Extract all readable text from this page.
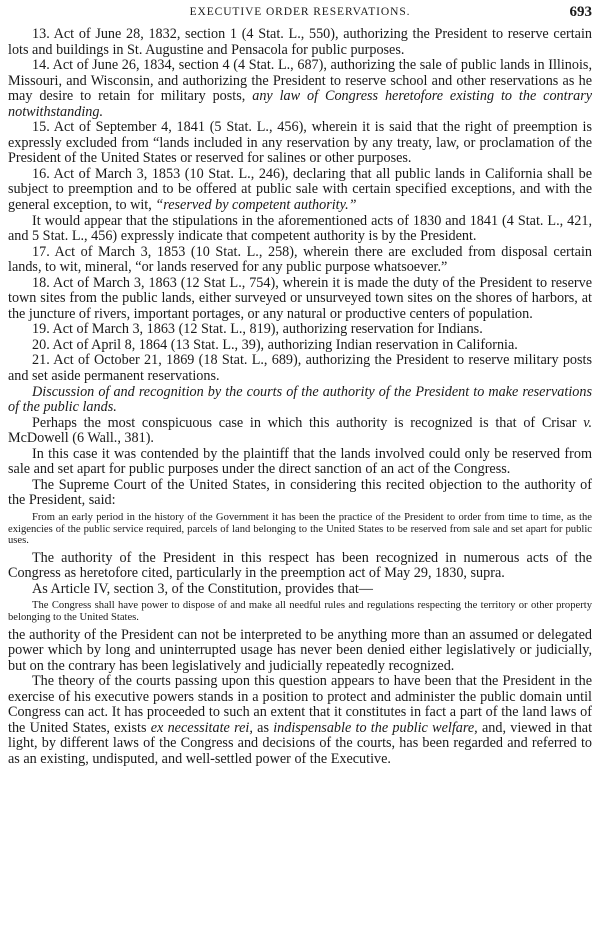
EXECUTIVE ORDER RESERVATIONS.	693

13. Act of June 28, 1832, section 1 (4 Stat. L., 550), authorizing the President to reserve certain lots and buildings in St. Augustine and Pensacola for public purposes.

14. Act of June 26, 1834, section 4 (4 Stat. L., 687), authorizing the sale of public lands in Illinois, Missouri, and Wisconsin, and authorizing the President to reserve school and other reservations as he may desire to retain for military posts, any law of Congress heretofore existing to the contrary notwithstanding.

15. Act of September 4, 1841 (5 Stat. L., 456), wherein it is said that the right of preemption is expressly excluded from “lands included in any reservation by any treaty, law, or proclamation of the President of the United States or reserved for salines or other purposes.

16. Act of March 3, 1853 (10 Stat. L., 246), declaring that all public lands in California shall be subject to preemption and to be offered at public sale with certain specified exceptions, and with the general exception, to wit, “reserved by competent authority.”

It would appear that the stipulations in the aforementioned acts of 1830 and 1841 (4 Stat. L., 421, and 5 Stat. L., 456) expressly indicate that competent authority is by the President.

17. Act of March 3, 1853 (10 Stat. L., 258), wherein there are excluded from disposal certain lands, to wit, mineral, “or lands reserved for any public purpose whatsoever.”

18. Act of March 3, 1863 (12 Stat L., 754), wherein it is made the duty of the President to reserve town sites from the public lands, either surveyed or unsurveyed town sites on the shores of harbors, at the juncture of rivers, important portages, or any natural or productive centers of population.

19. Act of March 3, 1863 (12 Stat. L., 819), authorizing reservation for Indians.

20. Act of April 8, 1864 (13 Stat. L., 39), authorizing Indian reservation in California.

21. Act of October 21, 1869 (18 Stat. L., 689), authorizing the President to reserve military posts and set aside permanent reservations.

Discussion of and recognition by the courts of the authority of the President to make reservations of the public lands.

Perhaps the most conspicuous case in which this authority is recognized is that of Crisar v. McDowell (6 Wall., 381).

In this case it was contended by the plaintiff that the lands involved could only be reserved from sale and set apart for public purposes under the direct sanction of an act of the Congress.

The Supreme Court of the United States, in considering this recited objection to the authority of the President, said:

From an early period in the history of the Government it has been the practice of the President to order from time to time, as the exigencies of the public service required, parcels of land belonging to the United States to be reserved from sale and set apart for public uses.

The authority of the President in this respect has been recognized in numerous acts of the Congress as heretofore cited, particularly in the preemption act of May 29, 1830, supra.

As Article IV, section 3, of the Constitution, provides that—

The Congress shall have power to dispose of and make all needful rules and regulations respecting the territory or other property belonging to the United States.

the authority of the President can not be interpreted to be anything more than an assumed or delegated power which by long and uninterrupted usage has never been denied either legislatively or judicially, but on the contrary has been legislatively and judicially repeatedly recognized.

The theory of the courts passing upon this question appears to have been that the President in the exercise of his executive powers stands in a position to protect and administer the public domain until Congress can act. It has proceeded to such an extent that it constitutes in fact a part of the land laws of the United States, exists ex necessitate rei, as indispensable to the public welfare, and, viewed in that light, by different laws of the Congress and decisions of the courts, has been regarded and referred to as an existing, undisputed, and well-settled power of the Executive.
